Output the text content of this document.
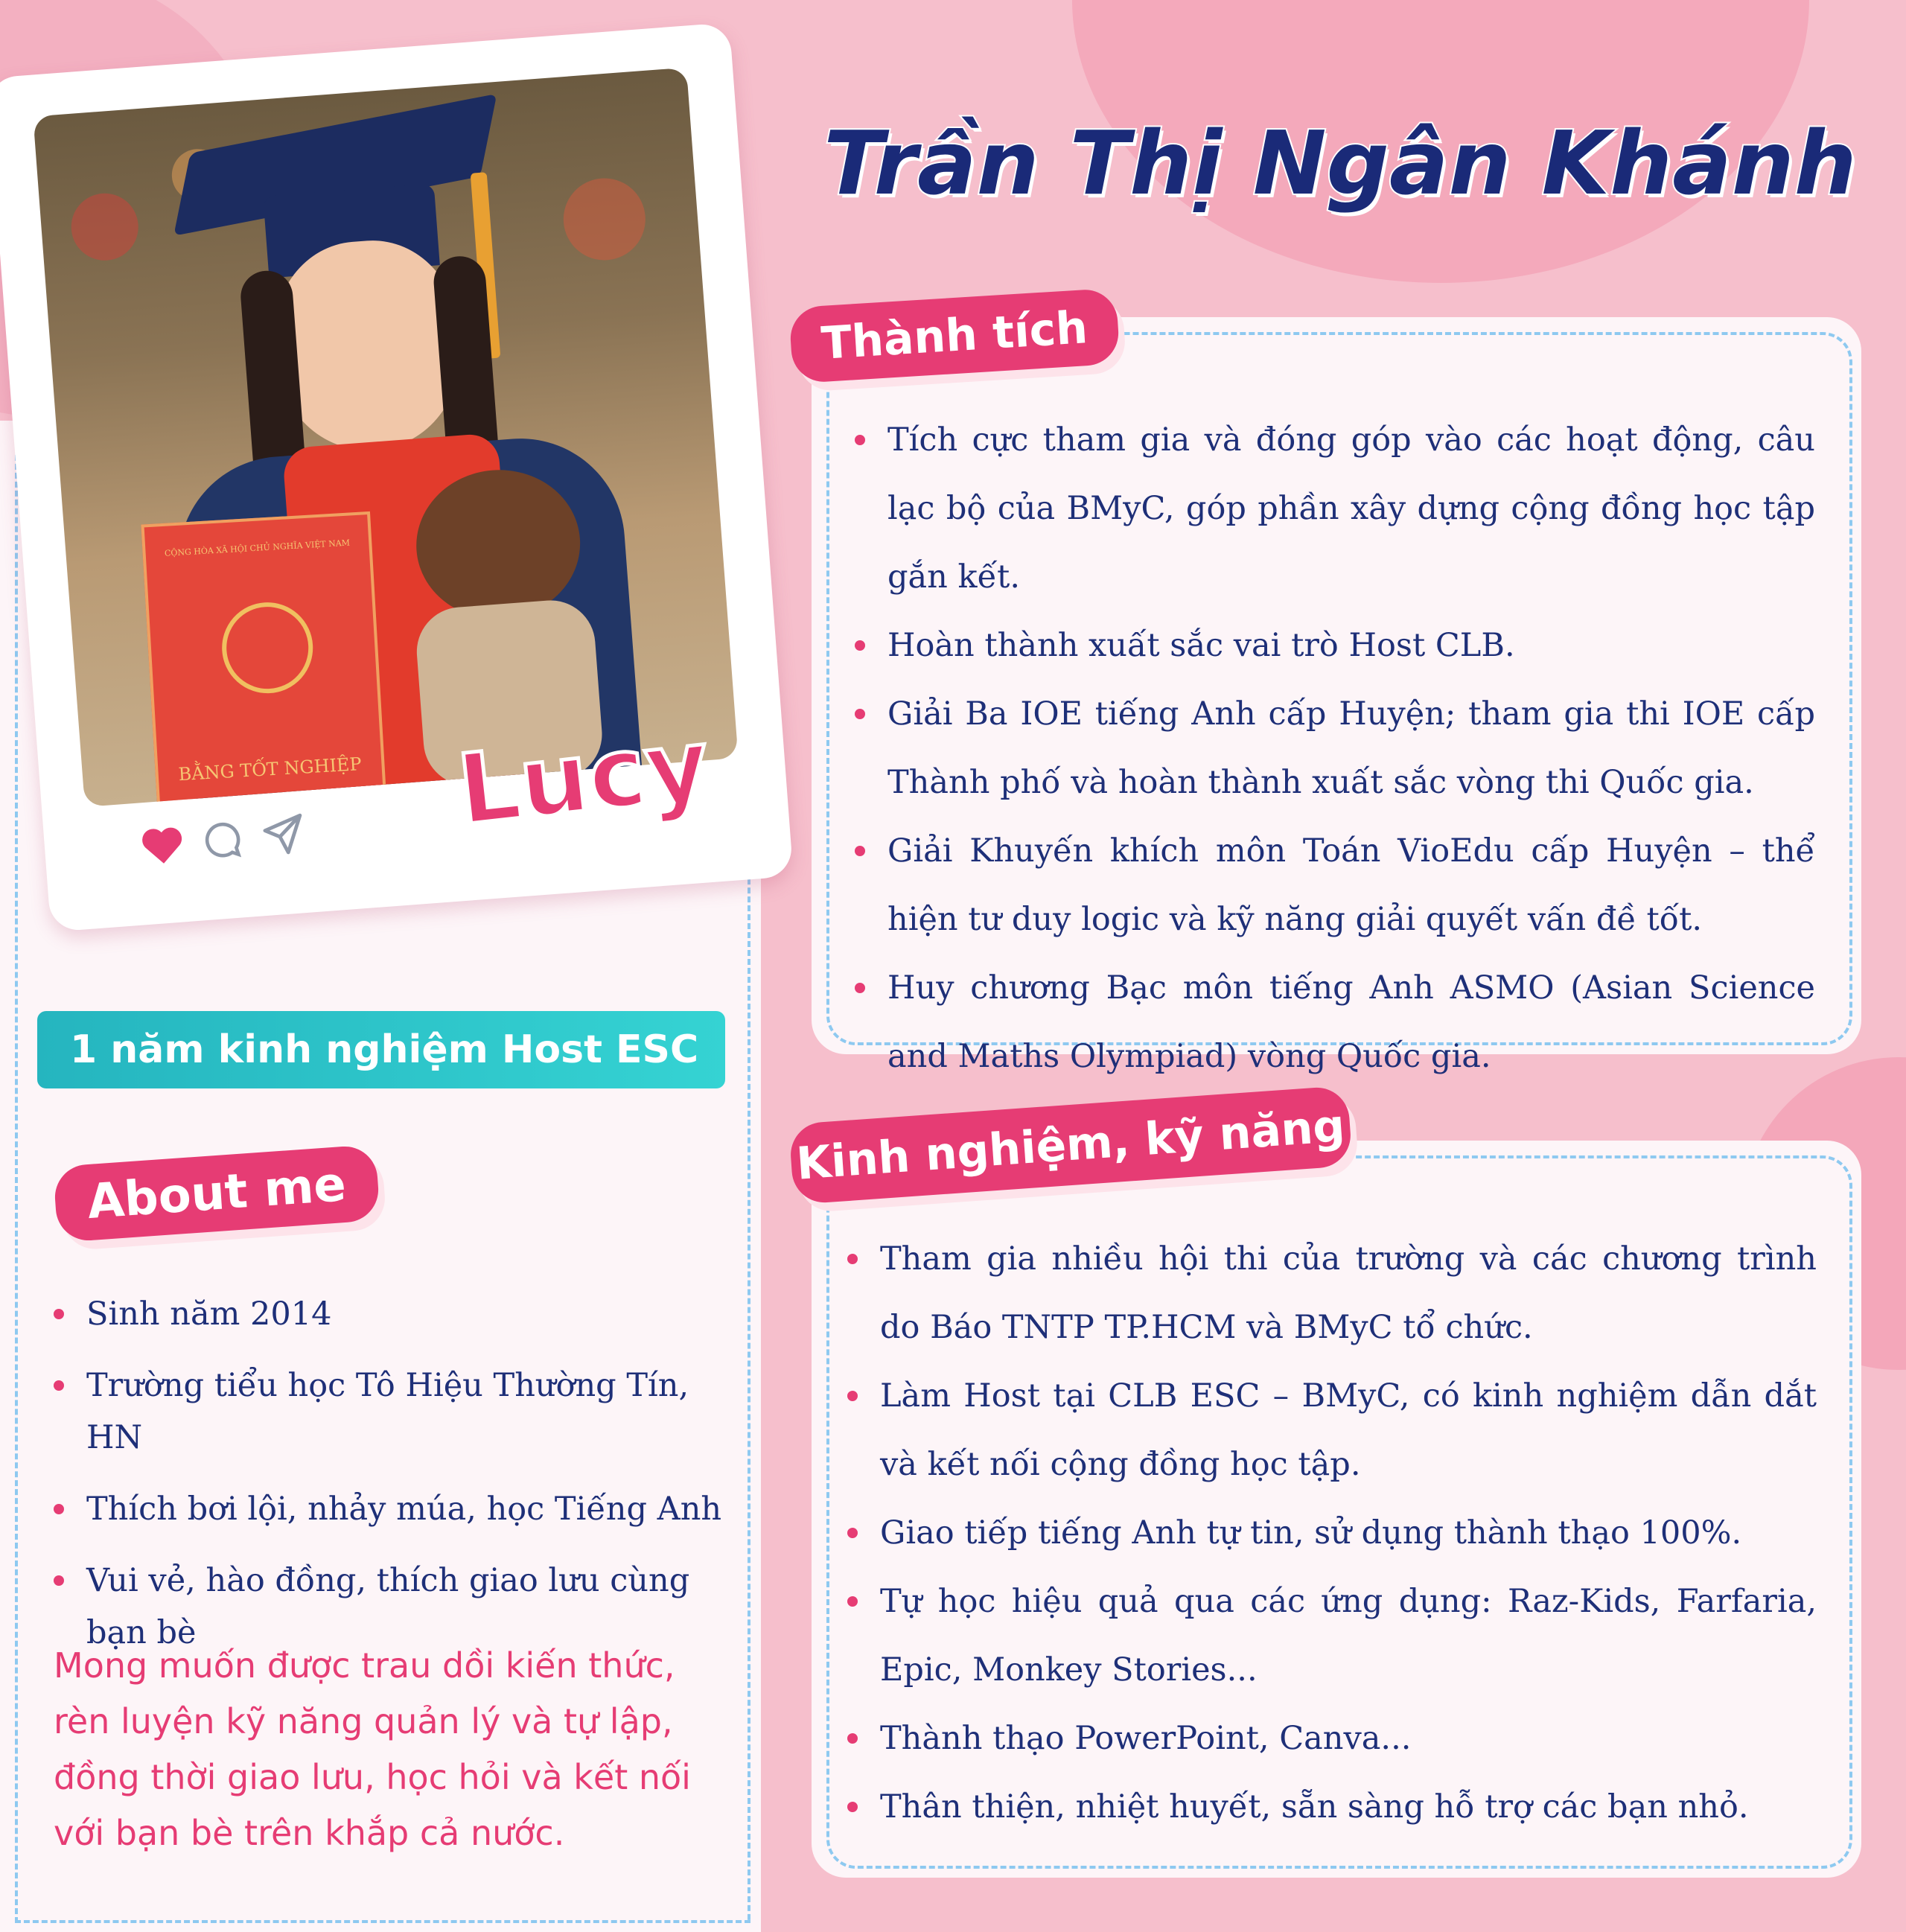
CỘNG HÒA XÃ HỘI CHỦ NGHĨA VIỆT NAM
BẰNG TỐT NGHIỆP Lucy
1 năm kinh nghiệm Host ESC
About me
Sinh năm 2014
Trường tiểu học Tô Hiệu Thường Tín, HN
Thích bơi lội, nhảy múa, học Tiếng Anh
Vui vẻ, hào đồng, thích giao lưu cùng bạn bè
Mong muốn được trau dồi kiến thức, rèn luyện kỹ năng quản lý và tự lập, đồng thời giao lưu, học hỏi và kết nối với bạn bè trên khắp cả nước.
Trần Thị Ngân Khánh
Thành tích
Tích cực tham gia và đóng góp vào các hoạt động, câu lạc bộ của BMyC, góp phần xây dựng cộng đồng học tập gắn kết.
Hoàn thành xuất sắc vai trò Host CLB.
Giải Ba IOE tiếng Anh cấp Huyện; tham gia thi IOE cấp Thành phố và hoàn thành xuất sắc vòng thi Quốc gia.
Giải Khuyến khích môn Toán VioEdu cấp Huyện – thể hiện tư duy logic và kỹ năng giải quyết vấn đề tốt.
Huy chương Bạc môn tiếng Anh ASMO (Asian Science and Maths Olympiad) vòng Quốc gia.
Kinh nghiệm, kỹ năng
Tham gia nhiều hội thi của trường và các chương trình do Báo TNTP TP.HCM và BMyC tổ chức.
Làm Host tại CLB ESC – BMyC, có kinh nghiệm dẫn dắt và kết nối cộng đồng học tập.
Giao tiếp tiếng Anh tự tin, sử dụng thành thạo 100%.
Tự học hiệu quả qua các ứng dụng: Raz-Kids, Farfaria, Epic, Monkey Stories...
Thành thạo PowerPoint, Canva...
Thân thiện, nhiệt huyết, sẵn sàng hỗ trợ các bạn nhỏ.
